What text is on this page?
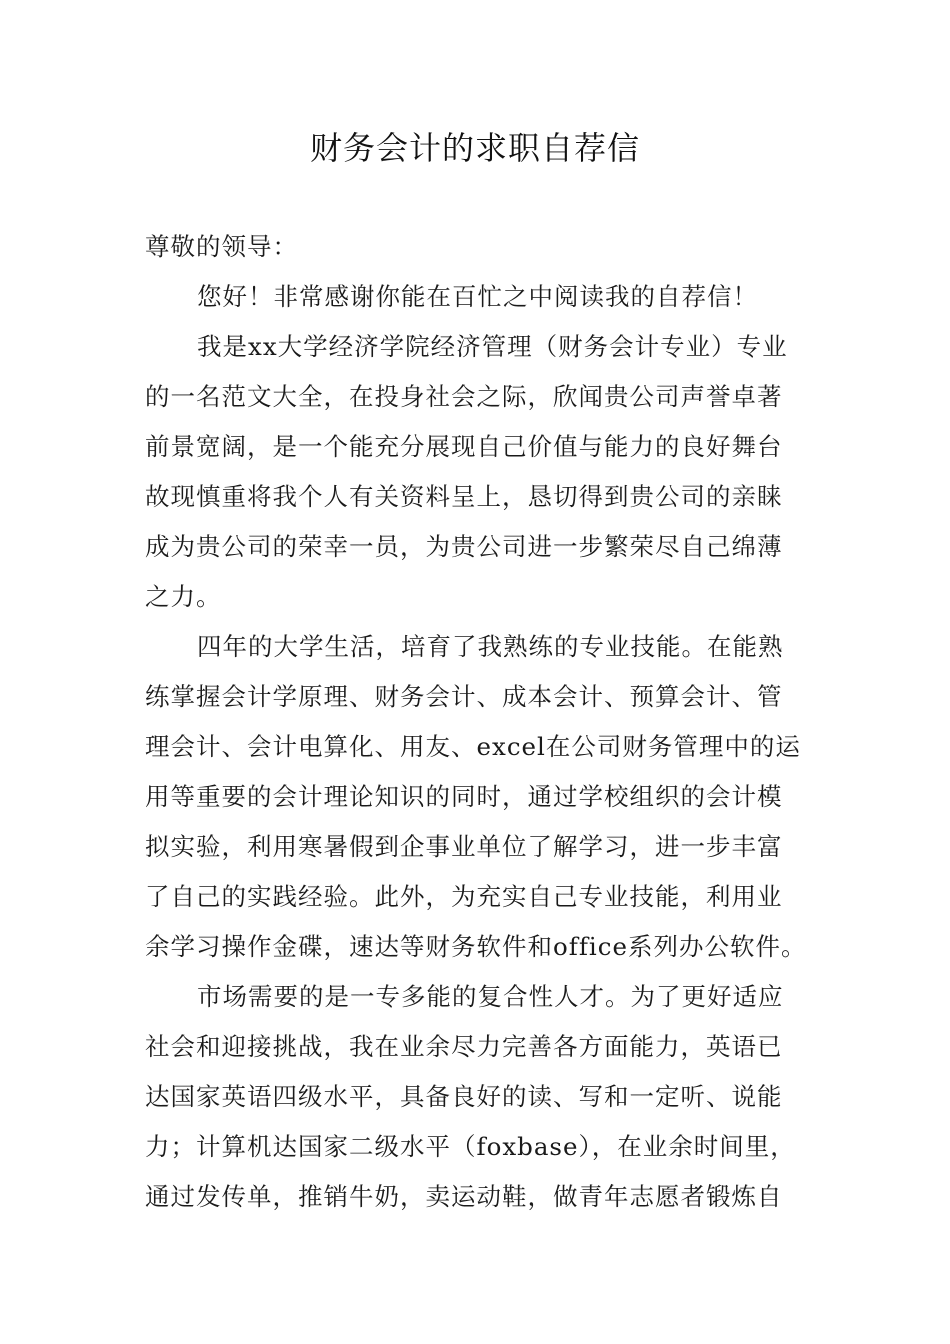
财务会计的求职自荐信
尊敬的领导：
您好！非常感谢你能在百忙之中阅读我的自荐信！
我是xx大学经济学院经济管理（财务会计专业）专业
的一名范文大全，在投身社会之际，欣闻贵公司声誉卓著
前景宽阔，是一个能充分展现自己价值与能力的良好舞台
故现慎重将我个人有关资料呈上，恳切得到贵公司的亲睐
成为贵公司的荣幸一员，为贵公司进一步繁荣尽自己绵薄
之力。
四年的大学生活，培育了我熟练的专业技能。在能熟
练掌握会计学原理、财务会计、成本会计、预算会计、管
理会计、会计电算化、用友、excel在公司财务管理中的运
用等重要的会计理论知识的同时，通过学校组织的会计模
拟实验，利用寒暑假到企事业单位了解学习，进一步丰富
了自己的实践经验。此外，为充实自己专业技能，利用业
余学习操作金碟，速达等财务软件和office系列办公软件。
市场需要的是一专多能的复合性人才。为了更好适应
社会和迎接挑战，我在业余尽力完善各方面能力，英语已
达国家英语四级水平，具备良好的读、写和一定听、说能
力；计算机达国家二级水平（foxbase），在业余时间里，
通过发传单，推销牛奶，卖运动鞋，做青年志愿者锻炼自
